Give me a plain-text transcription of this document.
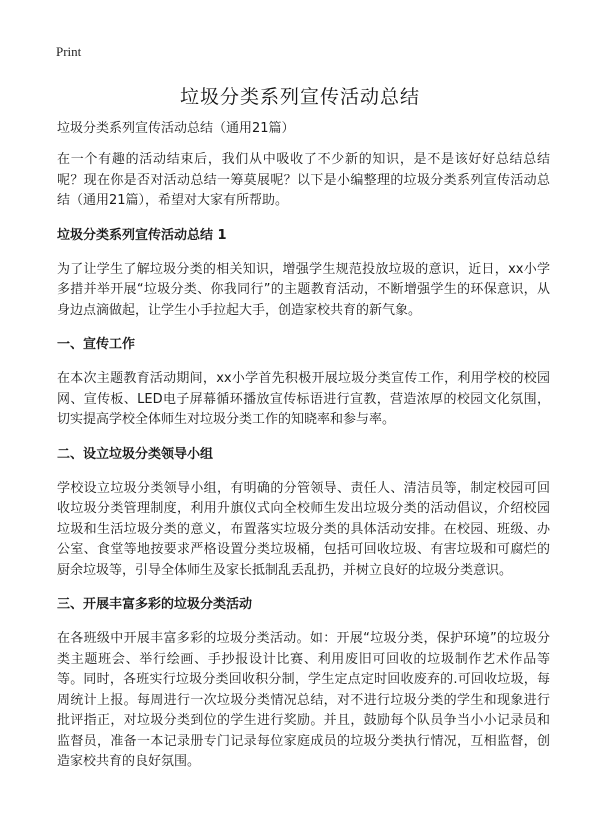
Print
垃圾分类系列宣传活动总结
垃圾分类系列宣传活动总结（通用21篇）

在一个有趣的活动结束后，我们从中吸收了不少新的知识，是不是该好好总结总结呢？现在你是否对活动总结一筹莫展呢？以下是小编整理的垃圾分类系列宣传活动总结（通用21篇），希望对大家有所帮助。

垃圾分类系列宣传活动总结 1

为了让学生了解垃圾分类的相关知识，增强学生规范投放垃圾的意识，近日，xx小学多措并举开展“垃圾分类、你我同行”的主题教育活动，不断增强学生的环保意识，从身边点滴做起，让学生小手拉起大手，创造家校共育的新气象。

一、宣传工作

在本次主题教育活动期间，xx小学首先积极开展垃圾分类宣传工作，利用学校的校园网、宣传板、LED电子屏幕循环播放宣传标语进行宣教，营造浓厚的校园文化氛围，切实提高学校全体师生对垃圾分类工作的知晓率和参与率。

二、设立垃圾分类领导小组

学校设立垃圾分类领导小组，有明确的分管领导、责任人、清洁员等，制定校园可回收垃圾分类管理制度，利用升旗仪式向全校师生发出垃圾分类的活动倡议，介绍校园垃圾和生活垃圾分类的意义，布置落实垃圾分类的具体活动安排。在校园、班级、办公室、食堂等地按要求严格设置分类垃圾桶，包括可回收垃圾、有害垃圾和可腐烂的厨余垃圾等，引导全体师生及家长抵制乱丢乱扔，并树立良好的垃圾分类意识。

三、开展丰富多彩的垃圾分类活动

在各班级中开展丰富多彩的垃圾分类活动。如：开展“垃圾分类，保护环境”的垃圾分类主题班会、举行绘画、手抄报设计比赛、利用废旧可回收的垃圾制作艺术作品等等。同时，各班实行垃圾分类回收积分制，学生定点定时回收废弃的.可回收垃圾，每周统计上报。每周进行一次垃圾分类情况总结，对不进行垃圾分类的学生和现象进行批评指正，对垃圾分类到位的学生进行奖励。并且，鼓励每个队员争当小小记录员和监督员，准备一本记录册专门记录每位家庭成员的垃圾分类执行情况，互相监督，创造家校共育的良好氛围。
